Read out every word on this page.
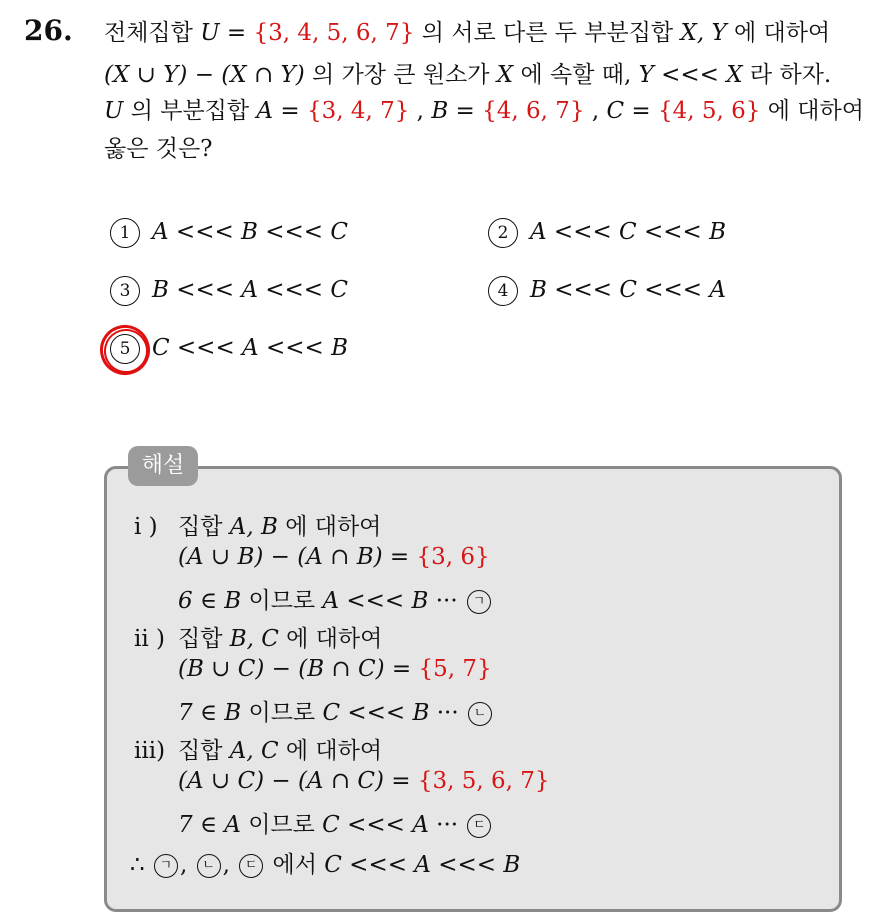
26. 전체집합 U = {3, 4, 5, 6, 7} 의 서로 다른 두 부분집합 X, Y 에 대하여
(X ∪ Y) − (X ∩ Y) 의 가장 큰 원소가 X 에 속할 때, Y <<< X 라 하자.
U 의 부분집합 A = {3, 4, 7} , B = {4, 6, 7} , C = {4, 5, 6} 에 대하여
옳은 것은?
1 A <<< B <<< C	2 A <<< C <<< B
3 B <<< A <<< C	4 B <<< C <<< A
5 C <<< A <<< B
해설
i ) 집합 A, B 에 대하여
(A ∪ B) − (A ∩ B) = {3, 6}
6 ∈ B 이므로 A <<< B ··· ㄱ
ii ) 집합 B, C 에 대하여
(B ∪ C) − (B ∩ C) = {5, 7}
7 ∈ B 이므로 C <<< B ··· ㄴ
iii) 집합 A, C 에 대하여
(A ∪ C) − (A ∩ C) = {3, 5, 6, 7}
7 ∈ A 이므로 C <<< A ··· ㄷ
∴ ㄱ , ㄴ , ㄷ 에서 C <<< A <<< B
